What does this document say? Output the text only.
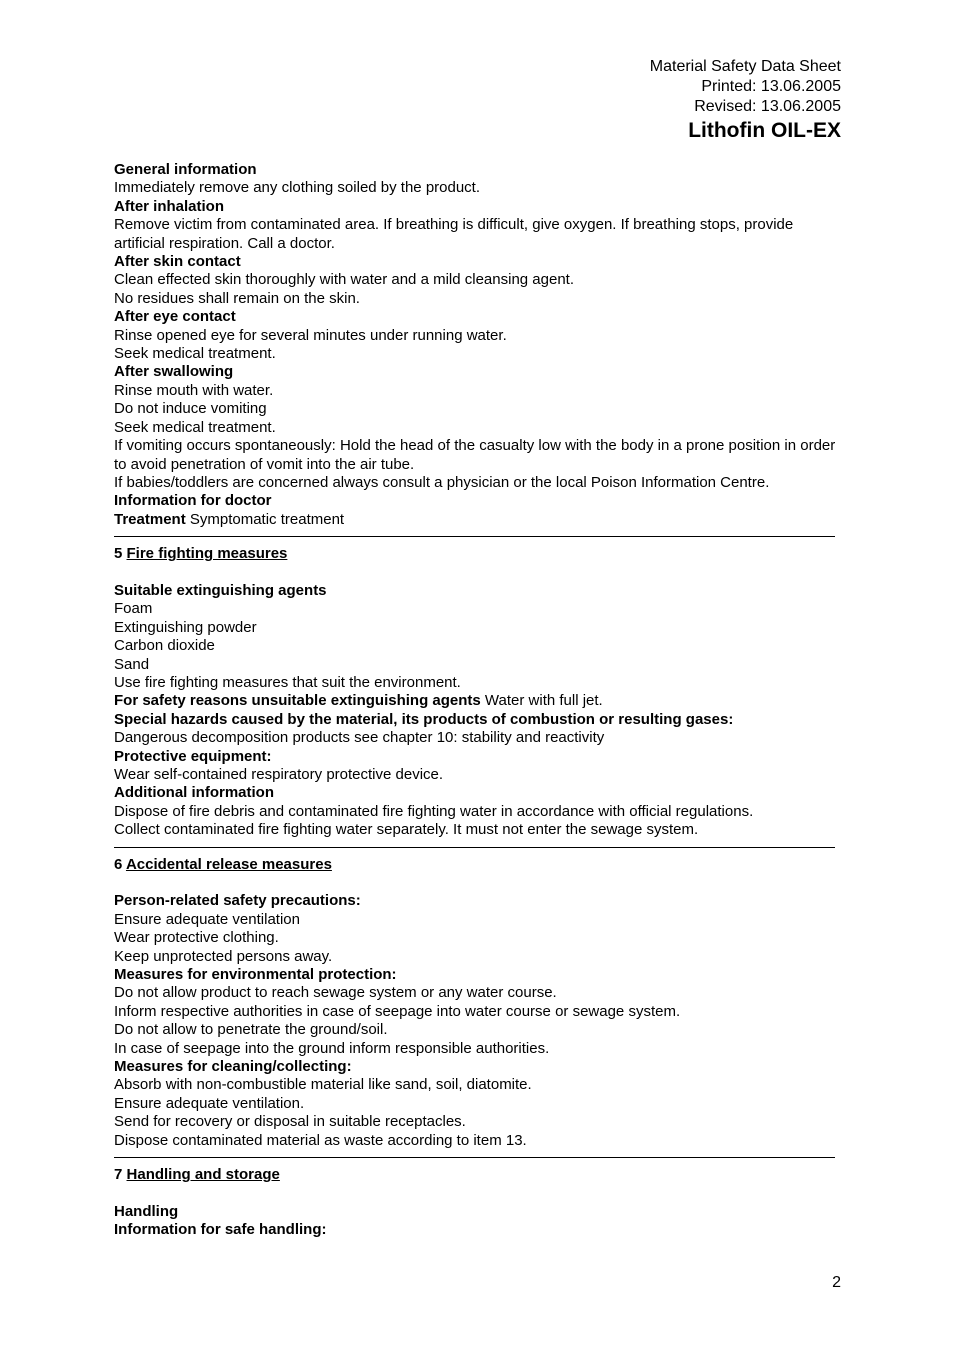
Material Safety Data Sheet
Printed: 13.06.2005
Revised: 13.06.2005
Lithofin OIL-EX
General information
Immediately remove any clothing soiled by the product.
After inhalation
Remove victim from contaminated area. If breathing is difficult, give oxygen. If breathing stops, provide artificial respiration. Call a doctor.
After skin contact
Clean effected skin thoroughly with water and a mild cleansing agent.
No residues shall remain on the skin.
After eye contact
Rinse opened eye for several minutes under running water.
Seek medical treatment.
After swallowing
Rinse mouth with water.
Do not induce vomiting
Seek medical treatment.
If vomiting occurs spontaneously: Hold the head of the casualty low with the body in a prone position in order to avoid penetration of vomit into the air tube.
If babies/toddlers are concerned always consult a physician or the local Poison Information Centre.
Information for doctor
Treatment Symptomatic treatment
5 Fire fighting measures
Suitable extinguishing agents
Foam
Extinguishing powder
Carbon dioxide
Sand
Use fire fighting measures that suit the environment.
For safety reasons unsuitable extinguishing agents Water with full jet.
Special hazards caused by the material, its products of combustion or resulting gases:
Dangerous decomposition products see chapter 10: stability and reactivity
Protective equipment:
Wear self-contained respiratory protective device.
Additional information
Dispose of fire debris and contaminated fire fighting water in accordance with official regulations.
Collect contaminated fire fighting water separately. It must not enter the sewage system.
6 Accidental release measures
Person-related safety precautions:
Ensure adequate ventilation
Wear protective clothing.
Keep unprotected persons away.
Measures for environmental protection:
Do not allow product to reach sewage system or any water course.
Inform respective authorities in case of seepage into water course or sewage system.
Do not allow to penetrate the ground/soil.
In case of seepage into the ground inform responsible authorities.
Measures for cleaning/collecting:
Absorb with non-combustible material like sand, soil, diatomite.
Ensure adequate ventilation.
Send for recovery or disposal in suitable receptacles.
Dispose contaminated material as waste according to item 13.
7 Handling and storage
Handling
Information for safe handling:
2
